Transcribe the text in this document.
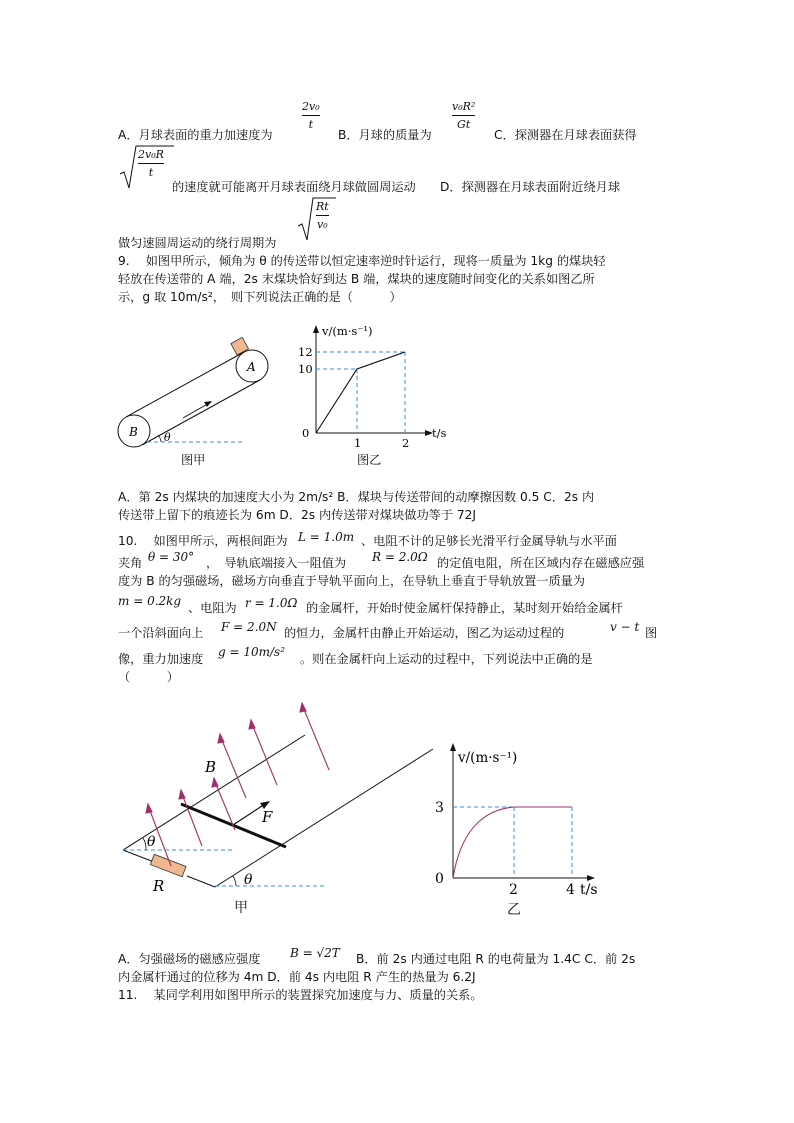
A．月球表面的重力加速度为
2v₀
t
B．月球的质量为
v₀R²
Gt
C．探测器在月球表面获得
2v₀R
t
的速度就可能离开月球表面绕月球做圆周运动 D．探测器在月球表面附近绕月球
Rt
v₀
做匀速圆周运动的绕行周期为
9.　 如图甲所示，倾角为 θ 的传送带以恒定速率逆时针运行，现将一质量为 1kg 的煤块轻
轻放在传送带的 A 端，2s 末煤块恰好到达 B 端，煤块的速度随时间变化的关系如图乙所
示，g 取 10m/s²，　则下列说法正确的是（　　　）
A
B θ
图甲
v/(m·s⁻¹)
t/s
12
10
0
1	2
图乙
A．第 2s 内煤块的加速度大小为 2m/s² B．煤块与传送带间的动摩擦因数 0.5 C．2s 内
传送带上留下的痕迹长为 6m D．2s 内传送带对煤块做功等于 72J
10.　 如图甲所示，两根间距为 L = 1.0m 、电阻不计的足够长光滑平行金属导轨与水平面
夹角 θ = 30° ，　导轨底端接入一阻值为 R = 2.0Ω 的定值电阻，所在区域内存在磁感应强
度为 B 的匀强磁场，磁场方向垂直于导轨平面向上，在导轨上垂直于导轨放置一质量为
m = 0.2kg 、电阻为 r = 1.0Ω 的金属杆，开始时使金属杆保持静止，某时刻开始给金属杆
一个沿斜面向上 F = 2.0N 的恒力，金属杆由静止开始运动，图乙为运动过程的	v − t 图
像，重力加速度 g = 10m/s² 。则在金属杆向上运动的过程中，下列说法中正确的是
（　　　）
B
F
R
θ
θ
甲
v/(m·s⁻¹)
t/s
3
0
2	4
乙
A．匀强磁场的磁感应强度 B = √2T B．前 2s 内通过电阻 R 的电荷量为 1.4C C．前 2s
内金属杆通过的位移为 4m D．前 4s 内电阻 R 产生的热量为 6.2J
11.　 某同学利用如图甲所示的装置探究加速度与力、质量的关系。
